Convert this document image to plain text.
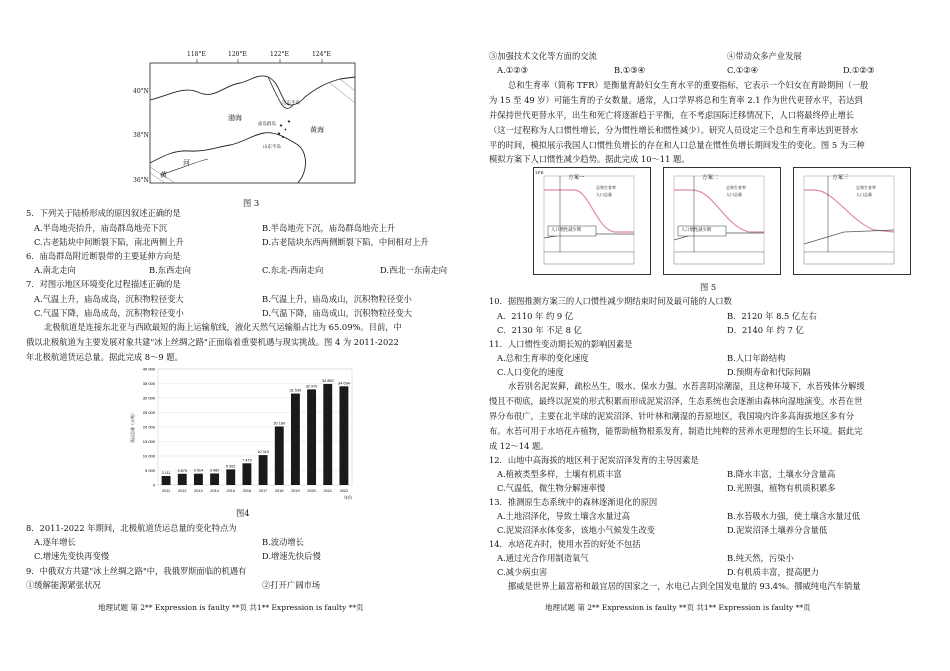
118°E	120°E	122°E	124°E
40°N
38°N
36°N
渤海
黄海
辽东半岛
庙岛群岛
山东半岛
河
黄
图 3
5．下列关于陆桥形成的原因叙述正确的是
A.半岛地壳抬升，庙岛群岛地壳下沉	B.半岛地壳下沉，庙岛群岛地壳上升
C.古老陆块中间断裂下陷，南北两侧上升	D.古老陆块东西两侧断裂下陷，中间相对上升
6．庙岛群岛附近断裂带的主要延伸方向是
A.南北走向	B.东西走向	C.东北-西南走向	D.西北一东南走向
7．对图示地区环境变化过程描述正确的是
A.气温上升，庙岛成岛，沉积物粒径变大	B.气温上升，庙岛成山，沉积物粒径变小
C.气温下降，庙岛成岛，沉积物粒径变小	D.气温下降，庙岛成山，沉积物粒径变大
北极航道是连接东北亚与西欧最短的海上运输航线，液化天然气运输船占比为 65.09%。目前，中
俄以北极航道为主要发展对象共建"冰上丝绸之路"正面临着重要机遇与现实挑战。图 4 为 2011-2022
年北极航道货运总量。据此完成 8～9 题。
0
5 000
10 000
15 000
20 000
25 000
30 000
35 000
40 000
货运总量（万吨）
3 111
2011
3 870
2012
3 914
2013
3 982
2014
5 392
2015
7 479
2016
10 310
2017
20 180
2018
31 530
2019
32 970
2020
34 850
2021
34 034
2022
年份
图4
8．2011-2022 年期间，北极航道货运总量的变化特点为
A.逐年增长	B.波动增长
C.增速先变快再变慢	D.增速先快后慢
9．中俄双方共建"冰上丝绸之路"中，我俄罗斯面临的机遇有
①缓解能源紧张状况	②打开广阔市场
地理试题 第 2** Expression is faulty **页 共1** Expression is faulty **页
③加强技术文化等方面的交流	④带动众多产业发展
A.①②③	B.①③④	C.①②④	D.①②③
总和生育率（简称 TFR）是衡量育龄妇女生育水平的重要指标，它表示一个妇女在育龄期间（一般
为 15 至 49 岁）可能生育的子女数量。通常，人口学界将总和生育率 2.1 作为世代更替水平，若达到
并保持世代更替水平，出生和死亡将逐渐趋于平衡，在不考虑国际迁移情况下，人口将最终停止增长
（这一过程称为人口惯性增长，分为惯性增长和惯性减少）。研究人员设定三个总和生育率达到更替水
平的时间，模拟展示我国人口惯性负增长的存在和人口总量在惯性负增长期间发生的变化。图 5 为三种
模拟方案下人口惯性减少趋势。据此完成 10～11 题。
方案一
总和生育率
人口总量
人口惯性减少期
TFR
方案二
总和生育率
人口总量
人口惯性减少期
方案三
总和生育率
人口总量
图 5
10．据图推测方案三的人口惯性减少期结束时间及最可能的人口数
A．2110 年 约 9 亿	B．2120 年 8.5 亿左右
C．2130 年 不足 8 亿	D．2140 年 约 7 亿
11．人口惯性变动期长短的影响因素是
A.总和生育率的变化速度	B.人口年龄结构
C.人口变化的速度	D.预期寿命和代际间隔
水苔别名泥炭藓，疏松丛生，吸水、保水力强。水苔喜阴凉潮湿，且这种环境下，水苔残体分解缓
慢且不彻底，最终以泥炭的形式积累而形成泥炭沼泽，生态系统也会逐渐由森林向湿地演变。水苔在世
界分布很广，主要在北半球的泥炭沼泽、针叶林和潮湿的苔原地区，我国境内许多高海拔地区多有分
布。水苔可用于水培花卉植物，能帮助植物根系发育，制造比纯粹的营养水更理想的生长环境。据此完
成 12～14 题。
12．山地中高海拔的地区利于泥炭沼泽发育的主导因素是
A.植被类型多样，土壤有机质丰富	B.降水丰富，土壤水分含量高
C.气温低，微生物分解速率慢	D.光照强，植物有机质积累多
13．推测原生态系统中的森林逐渐退化的原因
A.土地沼泽化，导致土壤含水量过高	B.水苔吸水力强，使土壤含水量过低
C.泥炭沼泽水体变多，该地小气候发生改变	D.泥炭沼泽土壤养分含量低
14．水培花卉时，使用水苔的好处不包括
A.通过光合作用制造氧气	B.纯天然，污染小
C.减少病虫害	D.有机质丰富，提高肥力
挪威是世界上最富裕和最宜居的国家之一，水电已占到全国发电量的 93.4%。挪威纯电汽车销量
地理试题 第 2** Expression is faulty **页 共1** Expression is faulty **页
